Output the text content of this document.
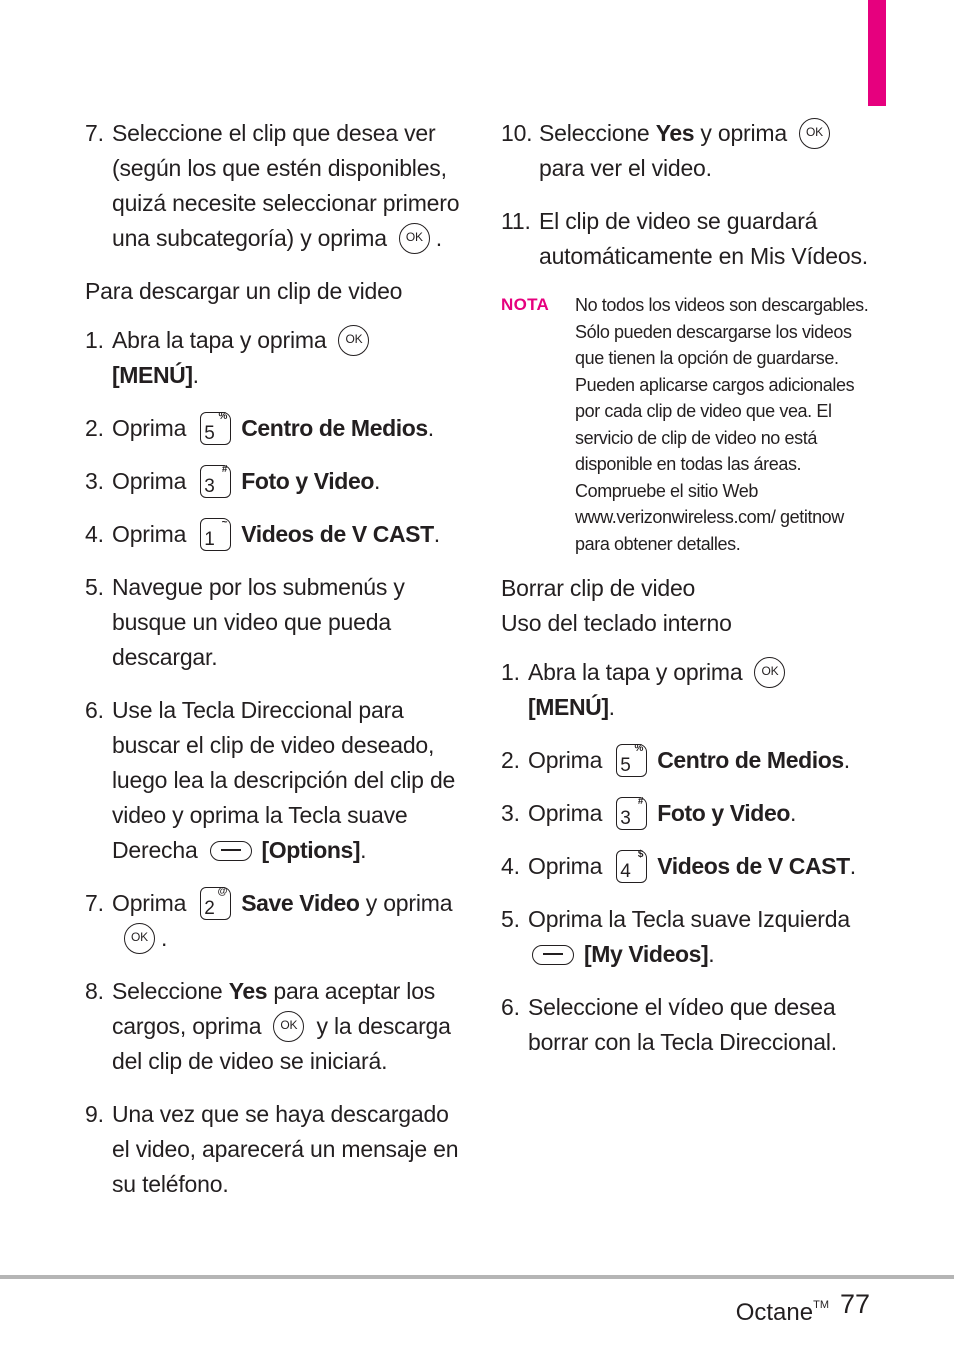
7. Seleccione el clip que desea ver (según los que estén disponibles, quizá necesite seleccionar primero una subcategoría) y oprima	OK .
Para descargar un clip de video
1. Abra la tapa y oprima	OK

[MENÚ].
2. Oprima 5
% Centro de Medios.
3. Oprima 3
# Foto y Video.
4. Oprima 1
~ Videos de V CAST.
5. Navegue por los submenús y busque un video que pueda descargar.
6. Use la Tecla Direccional para buscar el clip de video deseado, luego lea la descripción del clip de video y oprima la Tecla suave Derecha	[Options].
7. Oprima 2
@ Save Video y oprima
OK .
8. Seleccione Yes para aceptar los cargos, oprima	OK y la descarga del clip de video se iniciará.
9. Una vez que se haya descargado el video, aparecerá un mensaje en su teléfono.
10. Seleccione Yes y oprima	OK

para ver el video.
11. El clip de video se guardará automáticamente en Mis Vídeos.
NOTA No todos los videos son descargables. Sólo pueden descargarse los videos que tienen la opción de guardarse. Pueden aplicarse cargos adicionales por cada clip de video que vea. El servicio de clip de video no está disponible en todas las áreas. Compruebe el sitio Web www.verizonwireless.com/ getitnow para obtener detalles.
Borrar clip de video
Uso del teclado interno
1. Abra la tapa y oprima	OK

[MENÚ].
2. Oprima 5
% Centro de Medios.
3. Oprima 3
# Foto y Video.
4. Oprima 4
$ Videos de V CAST.
5. Oprima la Tecla suave Izquierda
[My Videos].
6. Seleccione el vídeo que desea borrar con la Tecla Direccional.
Octane™ 77
